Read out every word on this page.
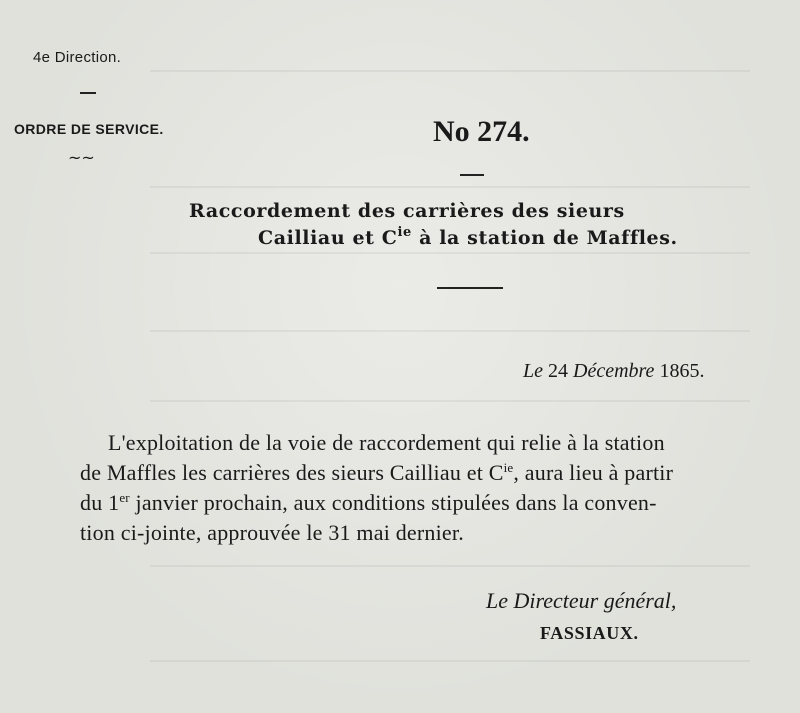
4e Direction.
ORDRE DE SERVICE.
~~
No 274.
Raccordement des carrières des sieurs
Cailliau et $C^{ie}$ à la station de Maffles.
Le 24 Décembre 1865.
L'exploitation de la voie de raccordement qui relie à la station
de Maffles les carrières des sieurs Cailliau et $C^{ie}$, aura lieu à partir
du 1er janvier prochain, aux conditions stipulées dans la conven-
tion ci-jointe, approuvée le 31 mai dernier.
Le Directeur général,
FASSIAUX.
